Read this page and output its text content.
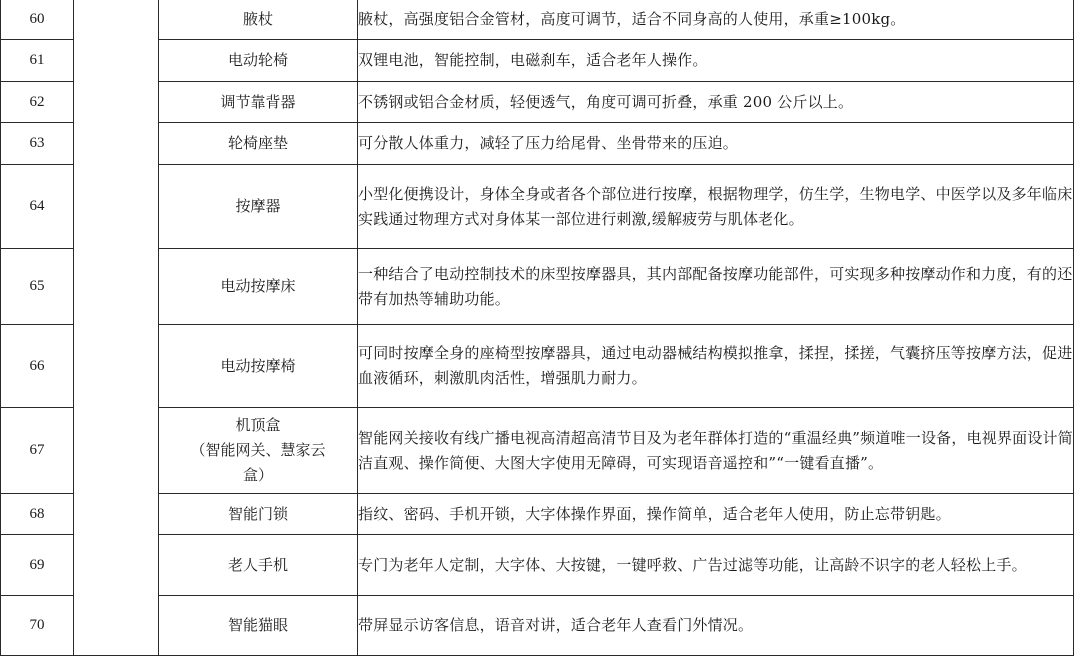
60		腋杖	腋杖，高强度铝合金管材，高度可调节，适合不同身高的人使用，承重≥100kg。
61		电动轮椅	双锂电池，智能控制，电磁刹车，适合老年人操作。
62		调节靠背器	不锈钢或铝合金材质，轻便透气，角度可调可折叠，承重 200 公斤以上。
63		轮椅座垫	可分散人体重力，减轻了压力给尾骨、坐骨带来的压迫。
64		按摩器	小型化便携设计，身体全身或者各个部位进行按摩，根据物理学，仿生学，生物电学、中医学以及多年临床实践通过物理方式对身体某一部位进行刺激,缓解疲劳与肌体老化。
65		电动按摩床	一种结合了电动控制技术的床型按摩器具，其内部配备按摩功能部件，可实现多种按摩动作和力度，有的还带有加热等辅助功能。
66		电动按摩椅	可同时按摩全身的座椅型按摩器具，通过电动器械结构模拟推拿，揉捏，揉搓，气囊挤压等按摩方法，促进血液循环，刺激肌肉活性，增强肌力耐力。
67		机顶盒
（智能网关、慧家云
盒）	智能网关接收有线广播电视高清超高清节目及为老年群体打造的“重温经典”频道唯一设备，电视界面设计简洁直观、操作简便、大图大字使用无障碍，可实现语音遥控和”“一键看直播”。
68		智能门锁	指纹、密码、手机开锁，大字体操作界面，操作简单，适合老年人使用，防止忘带钥匙。
69		老人手机	专门为老年人定制，大字体、大按键，一键呼救、广告过滤等功能，让高龄不识字的老人轻松上手。
70		智能猫眼	带屏显示访客信息，语音对讲，适合老年人查看门外情况。
